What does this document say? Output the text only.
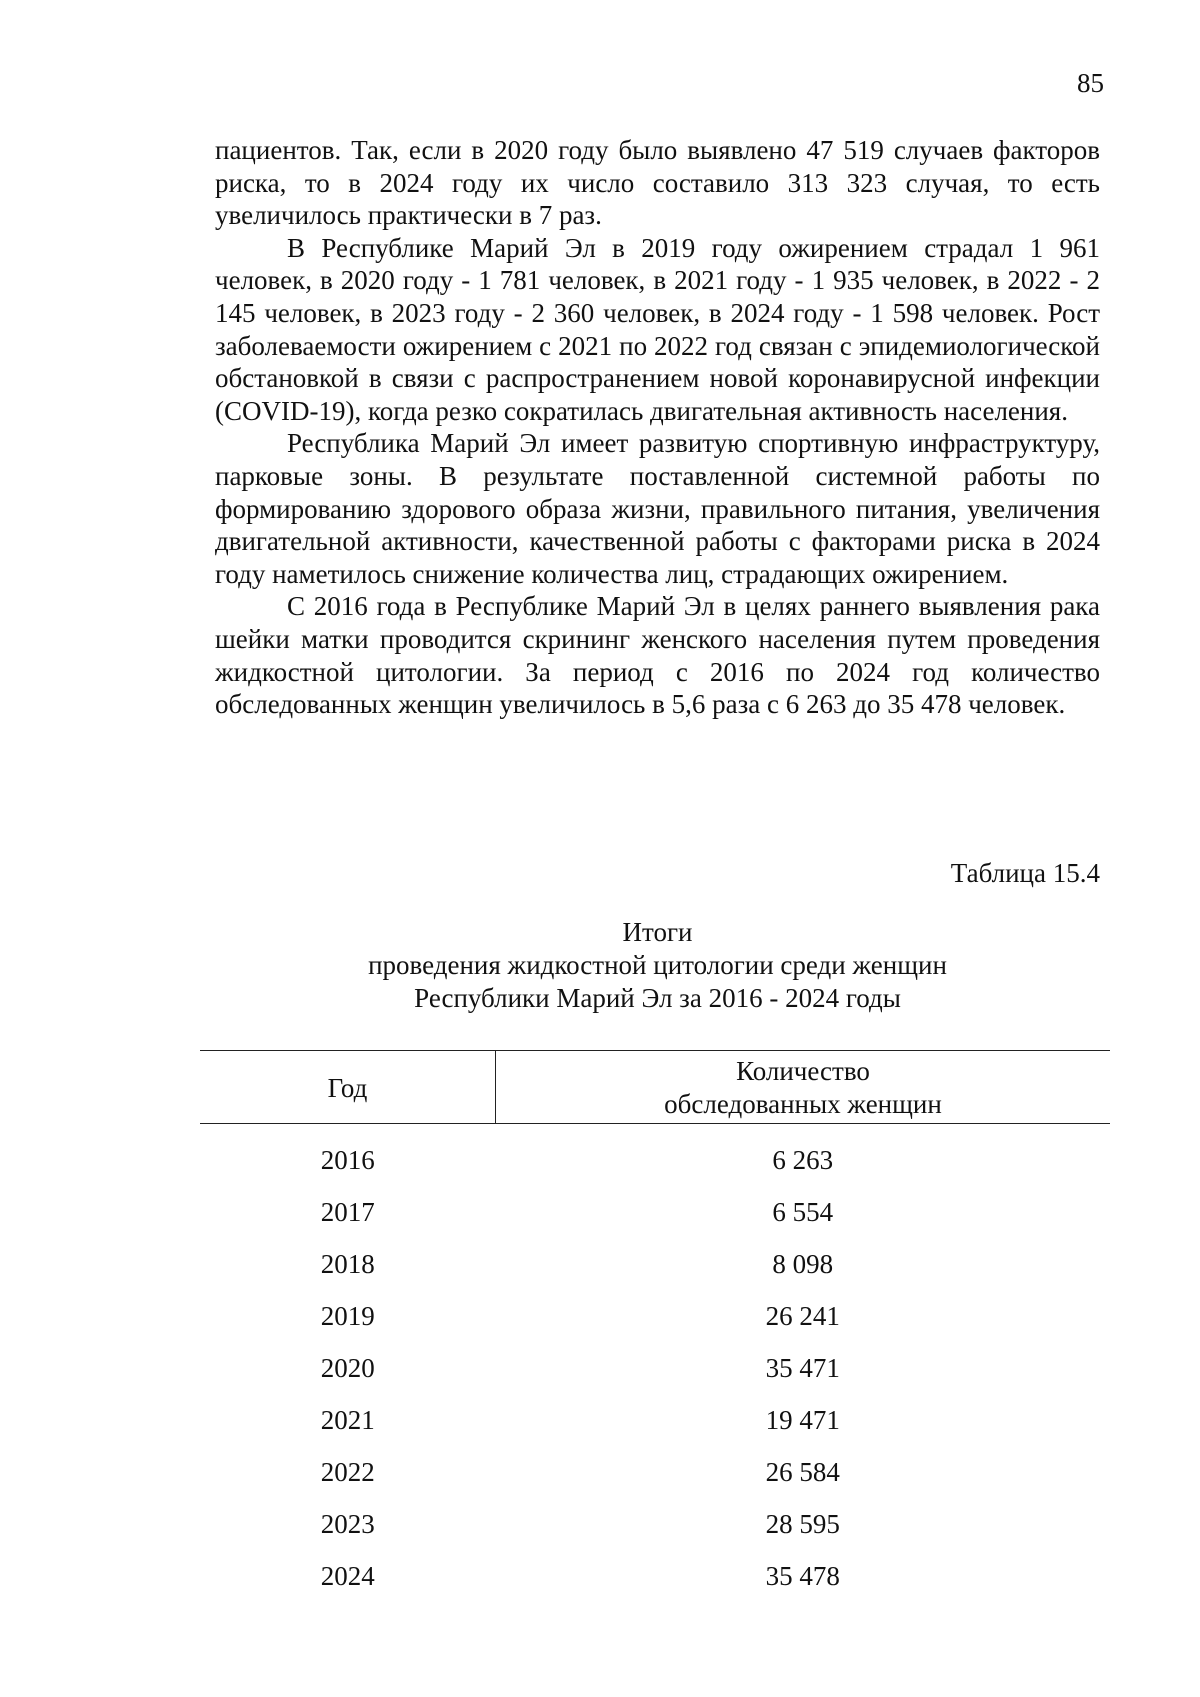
85

пациентов. Так, если в 2020 году было выявлено 47 519 случаев факторов риска, то в 2024 году их число составило 313 323 случая, то есть увеличилось практически в 7 раз.

В Республике Марий Эл в 2019 году ожирением страдал 1 961 человек, в 2020 году - 1 781 человек, в 2021 году - 1 935 человек, в 2022 - 2 145 человек, в 2023 году - 2 360 человек, в 2024 году - 1 598 человек. Рост заболеваемости ожирением с 2021 по 2022 год связан с эпидемиологической обстановкой в связи с распространением новой коронавирусной инфекции (COVID-19), когда резко сократилась двигательная активность населения.

Республика Марий Эл имеет развитую спортивную инфраструктуру, парковые зоны. В результате поставленной системной работы по формированию здорового образа жизни, правильного питания, увеличения двигательной активности, качественной работы с факторами риска в 2024 году наметилось снижение количества лиц, страдающих ожирением.

С 2016 года в Республике Марий Эл в целях раннего выявления рака шейки матки проводится скрининг женского населения путем проведения жидкостной цитологии. За период с 2016 по 2024 год количество обследованных женщин увеличилось в 5,6 раза с 6 263 до 35 478 человек.

Таблица 15.4
Итоги
проведения жидкостной цитологии среди женщин
Республики Марий Эл за 2016 - 2024 годы
Год	Количество
обследованных женщин
2016	6 263
2017	6 554
2018	8 098
2019	26 241
2020	35 471
2021	19 471
2022	26 584
2023	28 595
2024	35 478
